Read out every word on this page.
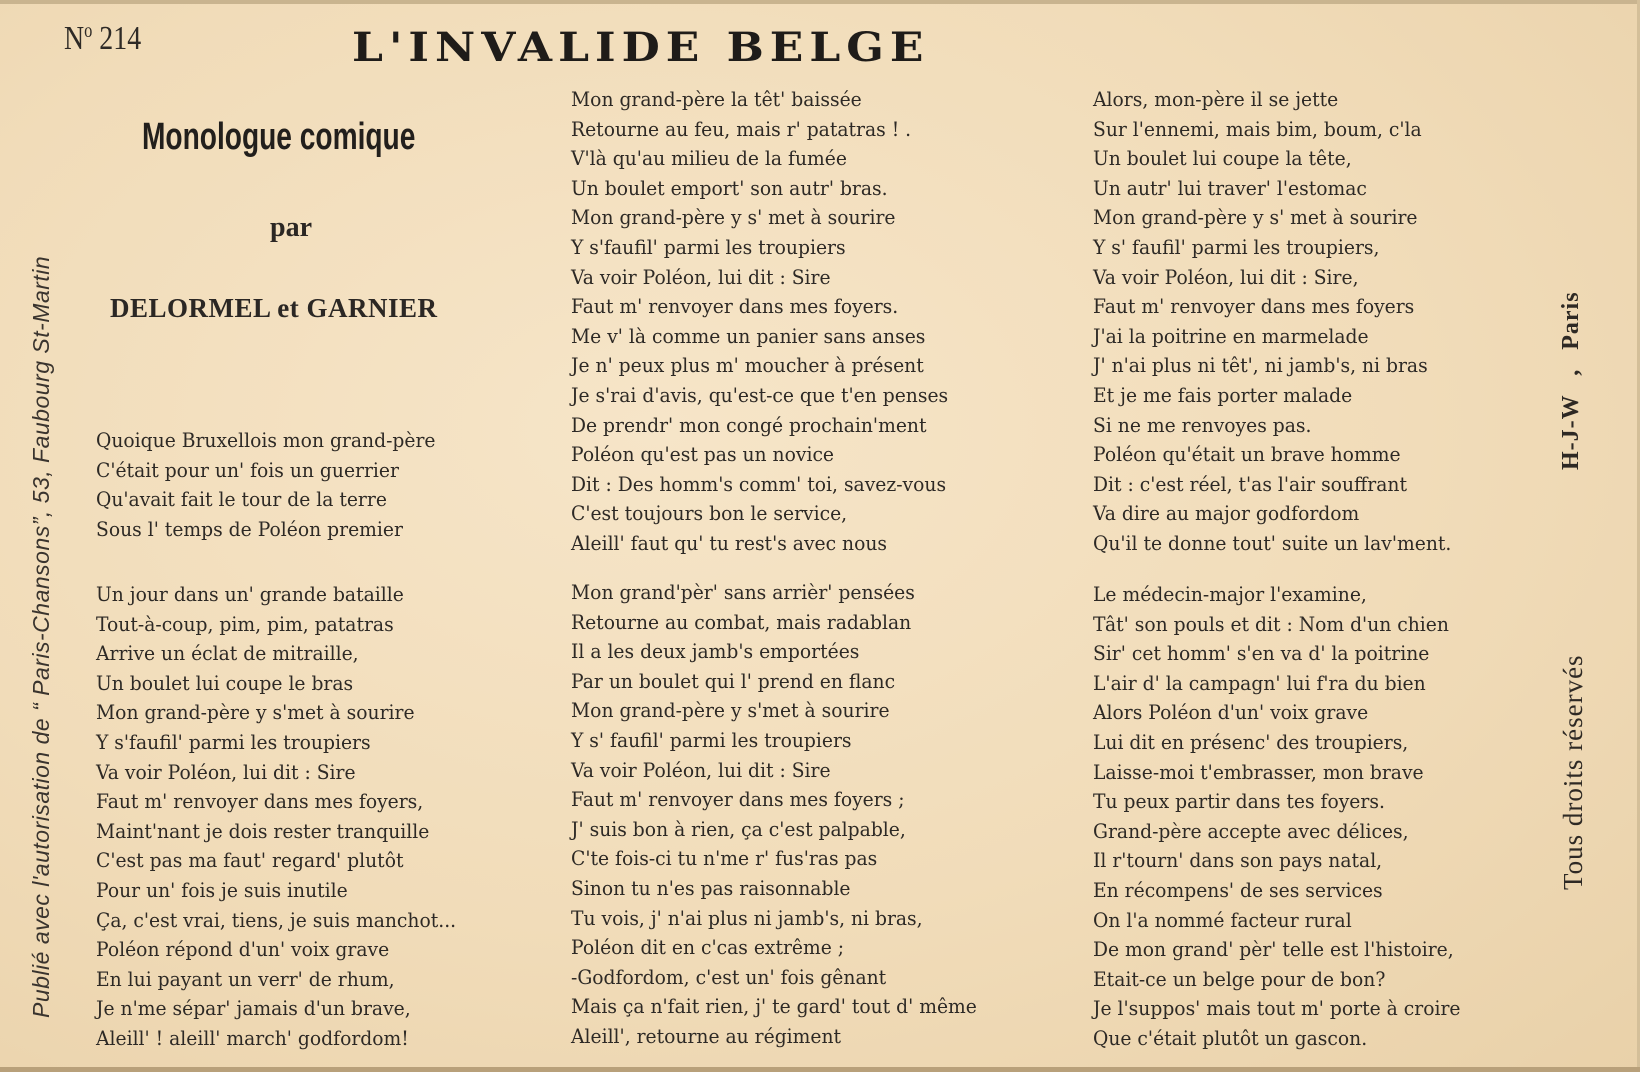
$N^o$ 214	L'INVALIDE BELGE
Monologue comique
par
DELORMEL et GARNIER
Publié avec l'autorisation de “ Paris-Chansons”, 53, Faubourg St-Martin	H-J-W , Paris
Tous droits réservés
Quoique Bruxellois mon grand-père
C'était pour un' fois un guerrier
Qu'avait fait le tour de la terre
Sous l' temps de Poléon premier
Un jour dans un' grande bataille
Tout-à-coup, pim, pim, patatras
Arrive un éclat de mitraille,
Un boulet lui coupe le bras
Mon grand-père y s'met à sourire
Y s'faufil' parmi les troupiers
Va voir Poléon, lui dit : Sire
Faut m' renvoyer dans mes foyers,
Maint'nant je dois rester tranquille
C'est pas ma faut' regard' plutôt
Pour un' fois je suis inutile
Ça, c'est vrai, tiens, je suis manchot...
Poléon répond d'un' voix grave
En lui payant un verr' de rhum,
Je n'me sépar' jamais d'un brave,
Aleill' ! aleill' march' godfordom!
Mon grand-père la têt' baissée
Retourne au feu, mais r' patatras ! .
V'là qu'au milieu de la fumée
Un boulet emport' son autr' bras.
Mon grand-père y s' met à sourire
Y s'faufil' parmi les troupiers
Va voir Poléon, lui dit : Sire
Faut m' renvoyer dans mes foyers.
Me v' là comme un panier sans anses
Je n' peux plus m' moucher à présent
Je s'rai d'avis, qu'est-ce que t'en penses
De prendr' mon congé prochain'ment
Poléon qu'est pas un novice
Dit : Des homm's comm' toi, savez-vous
C'est toujours bon le service,
Aleill' faut qu' tu rest's avec nous
Mon grand'pèr' sans arrièr' pensées
Retourne au combat, mais radablan
Il a les deux jamb's emportées
Par un boulet qui l' prend en flanc
Mon grand-père y s'met à sourire
Y s' faufil' parmi les troupiers
Va voir Poléon, lui dit : Sire
Faut m' renvoyer dans mes foyers ;
J' suis bon à rien, ça c'est palpable,
C'te fois-ci tu n'me r' fus'ras pas
Sinon tu n'es pas raisonnable
Tu vois, j' n'ai plus ni jamb's, ni bras,
Poléon dit en c'cas extrême ;
-Godfordom, c'est un' fois gênant
Mais ça n'fait rien, j' te gard' tout d' même
Aleill', retourne au régiment
Alors, mon-père il se jette
Sur l'ennemi, mais bim, boum, c'la
Un boulet lui coupe la tête,
Un autr' lui traver' l'estomac
Mon grand-père y s' met à sourire
Y s' faufil' parmi les troupiers,
Va voir Poléon, lui dit : Sire,
Faut m' renvoyer dans mes foyers
J'ai la poitrine en marmelade
J' n'ai plus ni têt', ni jamb's, ni bras
Et je me fais porter malade
Si ne me renvoyes pas.
Poléon qu'était un brave homme
Dit : c'est réel, t'as l'air souffrant
Va dire au major godfordom
Qu'il te donne tout' suite un lav'ment.
Le médecin-major l'examine,
Tât' son pouls et dit : Nom d'un chien
Sir' cet homm' s'en va d' la poitrine
L'air d' la campagn' lui f'ra du bien
Alors Poléon d'un' voix grave
Lui dit en présenc' des troupiers,
Laisse-moi t'embrasser, mon brave
Tu peux partir dans tes foyers.
Grand-père accepte avec délices,
Il r'tourn' dans son pays natal,
En récompens' de ses services
On l'a nommé facteur rural
De mon grand' pèr' telle est l'histoire,
Etait-ce un belge pour de bon?
Je l'suppos' mais tout m' porte à croire
Que c'était plutôt un gascon.
